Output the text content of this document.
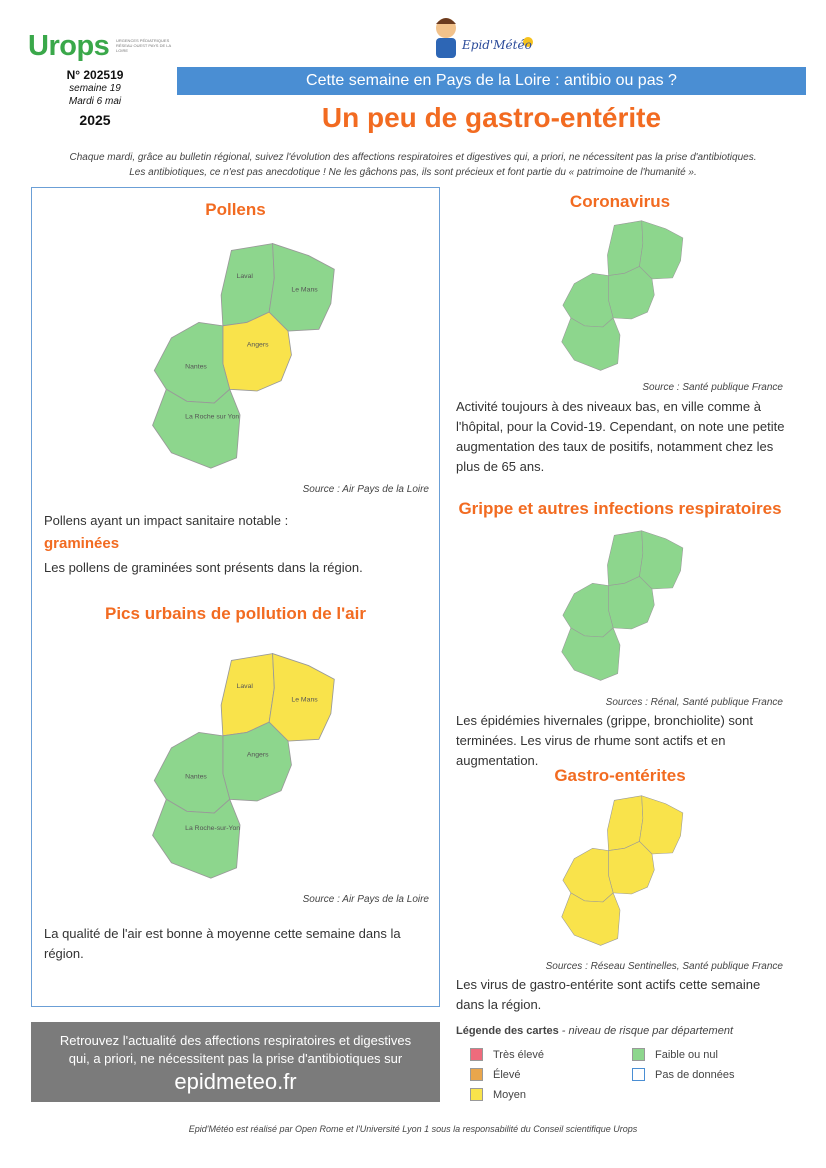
Urops URGENCES PÉDIATRIQUES RÉSEAU OUEST PAYS DE LA LOIRE	Epid'Météo
N° 202519
semaine 19
Mardi 6 mai
2025
Cette semaine en Pays de la Loire : antibio ou pas ?
Un peu de gastro-entérite
Chaque mardi, grâce au bulletin régional, suivez l'évolution des affections respiratoires et digestives qui, a priori, ne nécessitent pas la prise d'antibiotiques.
Les antibiotiques, ce n'est pas anecdotique ! Ne les gâchons pas, ils sont précieux et font partie du « patrimoine de l'humanité ».
Pollens
Laval
Le Mans
Angers
Nantes
La Roche sur Yon
Source : Air Pays de la Loire
Pollens ayant un impact sanitaire notable :
graminées
Les pollens de graminées sont présents dans la région.
Pics urbains de pollution de l'air
Laval
Le Mans
Angers
Nantes
La Roche-sur-Yon
Source : Air Pays de la Loire
La qualité de l'air est bonne à moyenne cette semaine dans la région.
Coronavirus
Source : Santé publique France
Activité toujours à des niveaux bas, en ville comme à l'hôpital, pour la Covid-19. Cependant, on note une petite augmentation des taux de positifs, notamment chez les plus de 65 ans.
Grippe et autres infections respiratoires
Sources : Rénal, Santé publique France
Les épidémies hivernales (grippe, bronchiolite) sont terminées. Les virus de rhume sont actifs et en augmentation.
Gastro-entérites
Sources : Réseau Sentinelles, Santé publique France
Les virus de gastro-entérite sont actifs cette semaine dans la région.
Retrouvez l'actualité des affections respiratoires et digestives
qui, a priori, ne nécessitent pas la prise d'antibiotiques sur
epidmeteo.fr
Légende des cartes - niveau de risque par département
Très élevé
Élevé
Moyen
Faible ou nul
Pas de données
Epid'Météo est réalisé par Open Rome et l'Université Lyon 1 sous la responsabilité du Conseil scientifique Urops
